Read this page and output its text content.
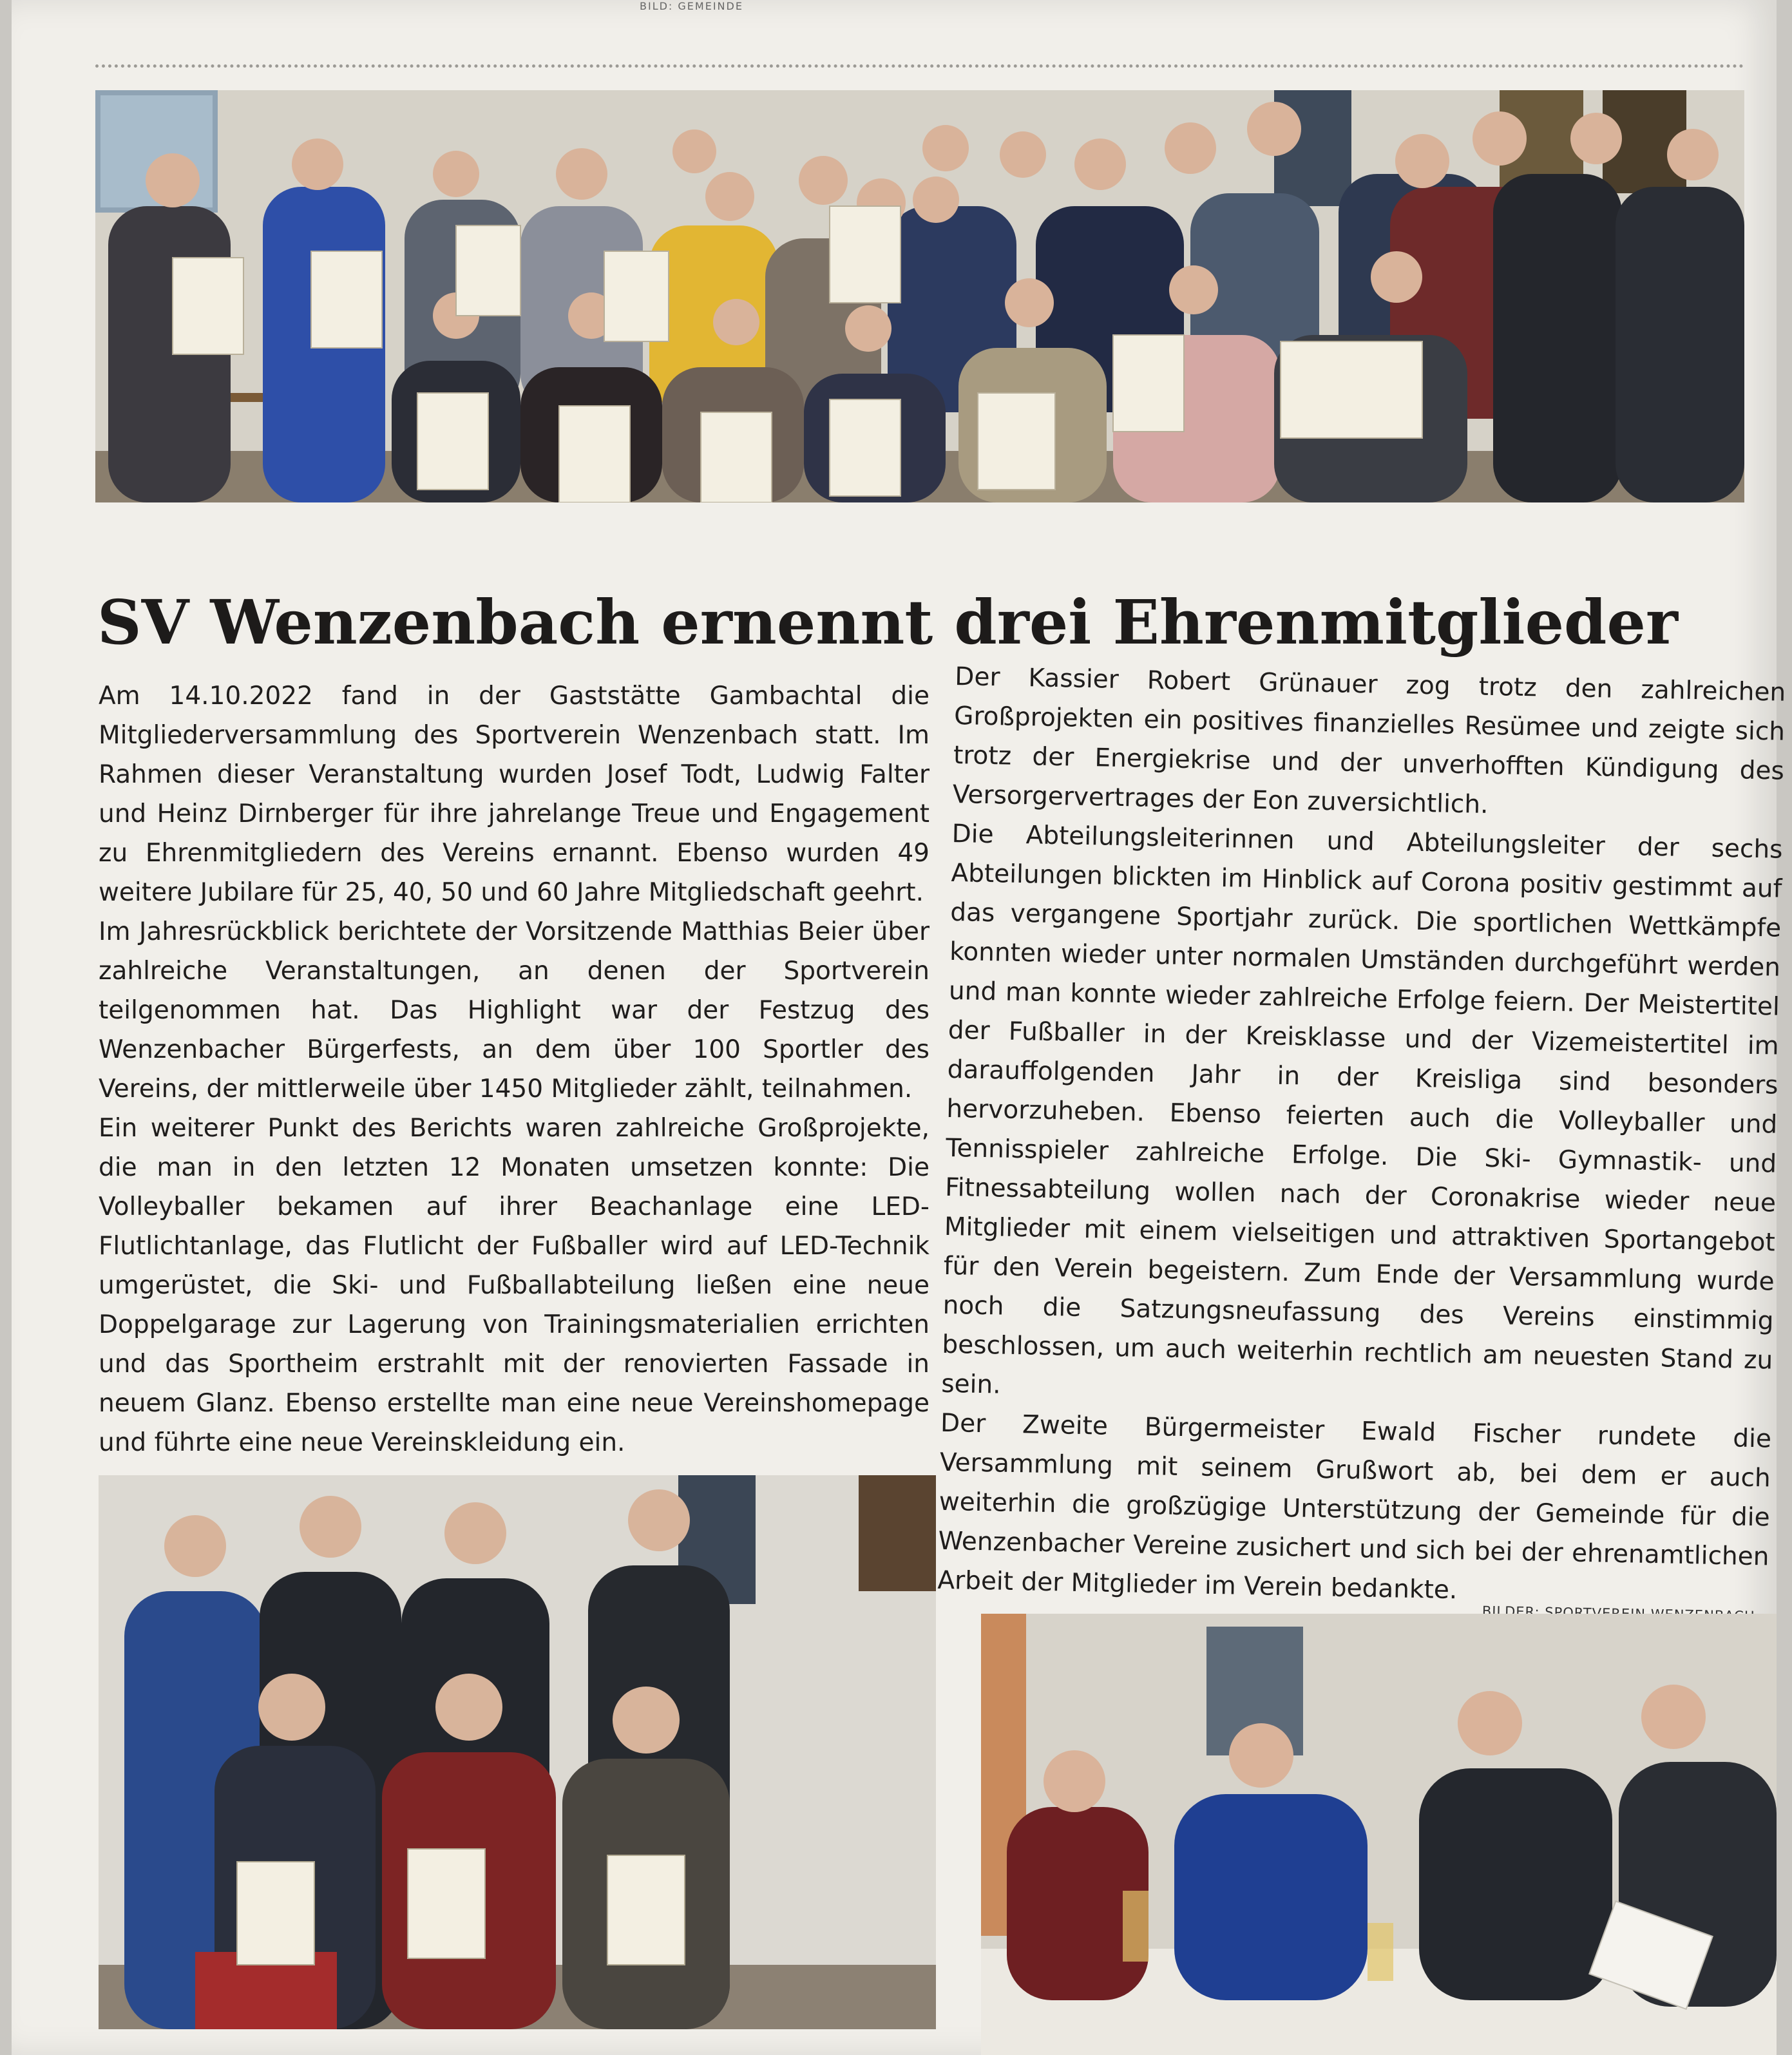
BILD: GEMEINDE
SV Wenzenbach ernennt drei Ehrenmitglieder

Am 14.10.2022 fand in der Gaststätte Gambachtal die Mitgliederversammlung des Sportverein Wenzenbach statt. Im Rahmen dieser Veranstaltung wurden Josef Todt, Ludwig Falter und Heinz Dirnberger für ihre jahrelange Treue und Engagement zu Ehrenmitgliedern des Vereins ernannt. Ebenso wurden 49 weitere Jubilare für 25, 40, 50 und 60 Jahre Mitgliedschaft geehrt.

Im Jahresrückblick berichtete der Vorsitzende Matthias Beier über zahlreiche Veranstaltungen, an denen der Sportverein teilgenommen hat. Das Highlight war der Festzug des Wenzenbacher Bürgerfests, an dem über 100 Sportler des Vereins, der mittlerweile über 1450 Mitglieder zählt, teilnahmen.

Ein weiterer Punkt des Berichts waren zahlreiche Großprojekte, die man in den letzten 12 Monaten umsetzen konnte: Die Volleyballer bekamen auf ihrer Beachanlage eine LED-Flutlichtanlage, das Flutlicht der Fußballer wird auf LED-Technik umgerüstet, die Ski- und Fußballabteilung ließen eine neue Doppelgarage zur Lagerung von Trainingsmaterialien errichten und das Sportheim erstrahlt mit der renovierten Fassade in neuem Glanz. Ebenso erstellte man eine neue Vereinshomepage und führte eine neue Vereinskleidung ein.

Der Kassier Robert Grünauer zog trotz den zahlreichen Großprojekten ein positives finanzielles Resümee und zeigte sich trotz der Energiekrise und der unverhofften Kündigung des Versorgervertrages der Eon zuversichtlich.

Die Abteilungsleiterinnen und Abteilungsleiter der sechs Abteilungen blickten im Hinblick auf Corona positiv gestimmt auf das vergangene Sportjahr zurück. Die sportlichen Wettkämpfe konnten wieder unter normalen Umständen durchgeführt werden und man konnte wieder zahlreiche Erfolge feiern. Der Meistertitel der Fußballer in der Kreisklasse und der Vizemeistertitel im darauffolgenden Jahr in der Kreisliga sind besonders hervorzuheben. Ebenso feierten auch die Volleyballer und Tennisspieler zahlreiche Erfolge. Die Ski- Gymnastik- und Fitnessabteilung wollen nach der Coronakrise wieder neue Mitglieder mit einem vielseitigen und attraktiven Sportangebot für den Verein begeistern. Zum Ende der Versammlung wurde noch die Satzungsneufassung des Vereins einstimmig beschlossen, um auch weiterhin rechtlich am neuesten Stand zu sein.

Der Zweite Bürgermeister Ewald Fischer rundete die Versammlung mit seinem Grußwort ab, bei dem er auch weiterhin die großzügige Unterstützung der Gemeinde für die Wenzenbacher Vereine zusichert und sich bei der ehrenamtlichen Arbeit der Mitglieder im Verein bedankte.
